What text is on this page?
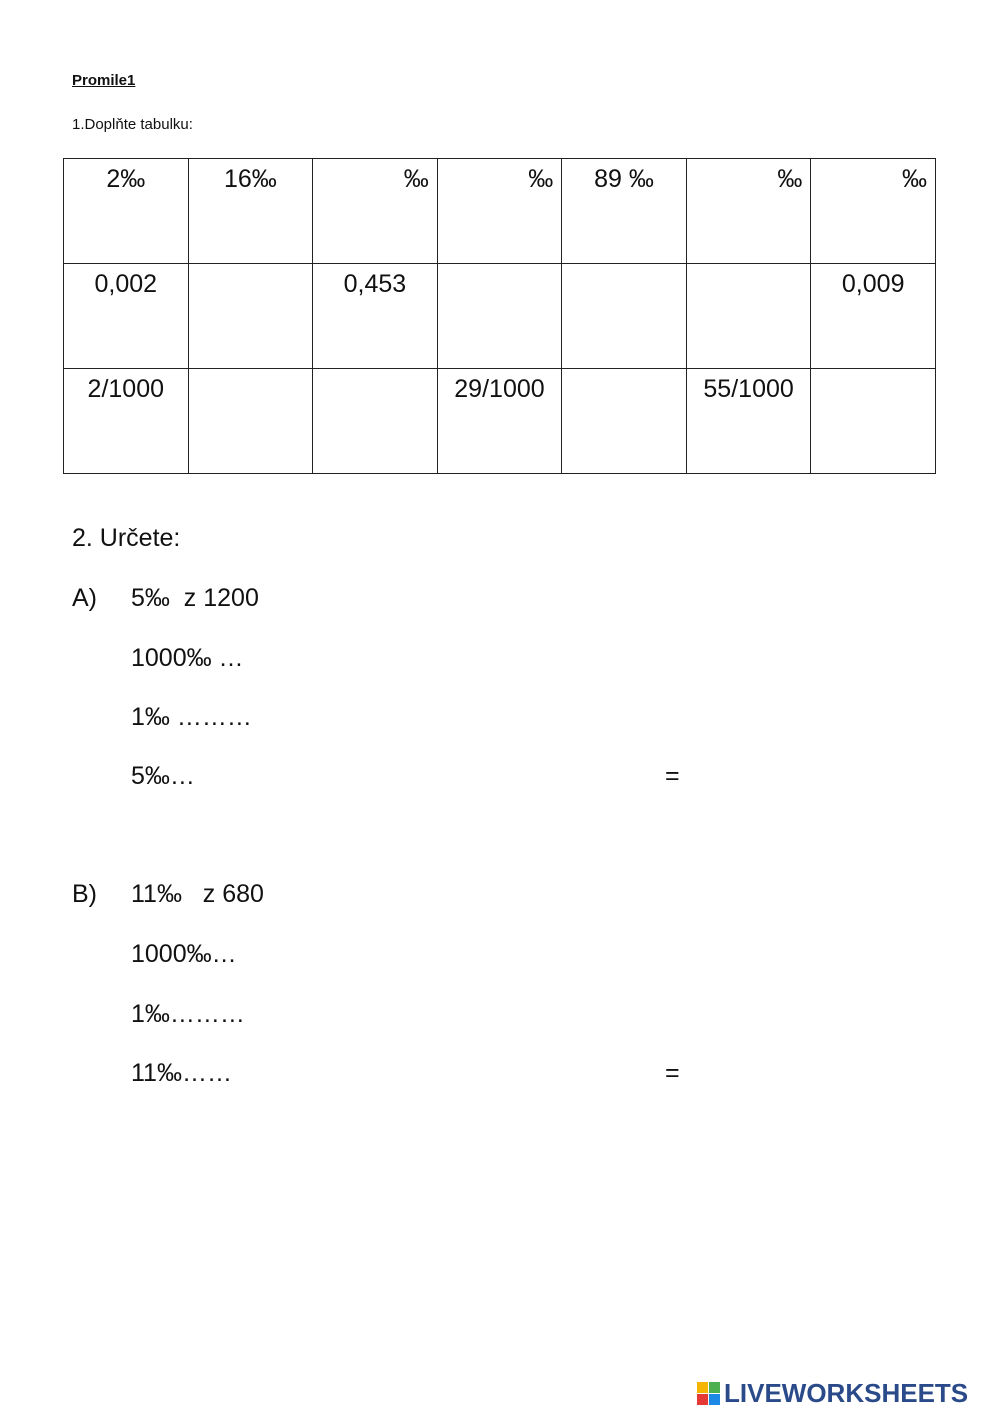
Promile1
1.Doplňte tabulku:
2‰	16‰	‰	‰	89 ‰	‰	‰
0,002		0,453				0,009
2/1000			29/1000		55/1000	
2. Určete:
A) 5‰  z 1200
1000‰ …
1‰ ………
5‰…	=
B) 11‰   z 680
1000‰…
1‰………
11‰……	=
LIVEWORKSHEETS
